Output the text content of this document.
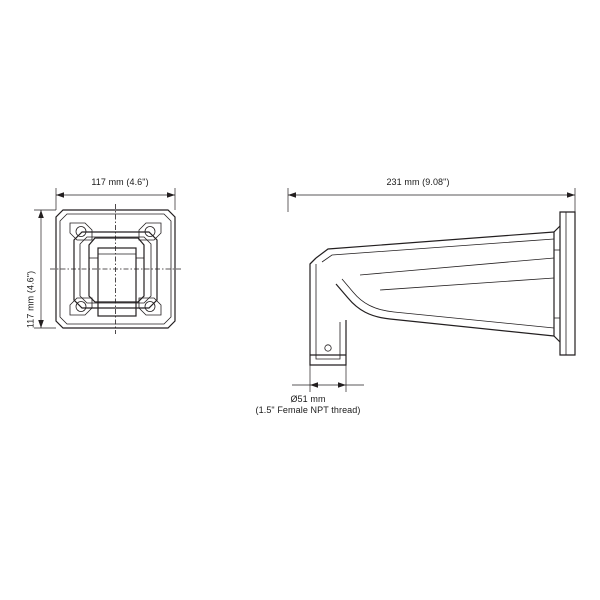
117 mm (4.6")
117 mm (4.6")
231 mm (9.08")
Ø51 mm
(1.5" Female NPT thread)
